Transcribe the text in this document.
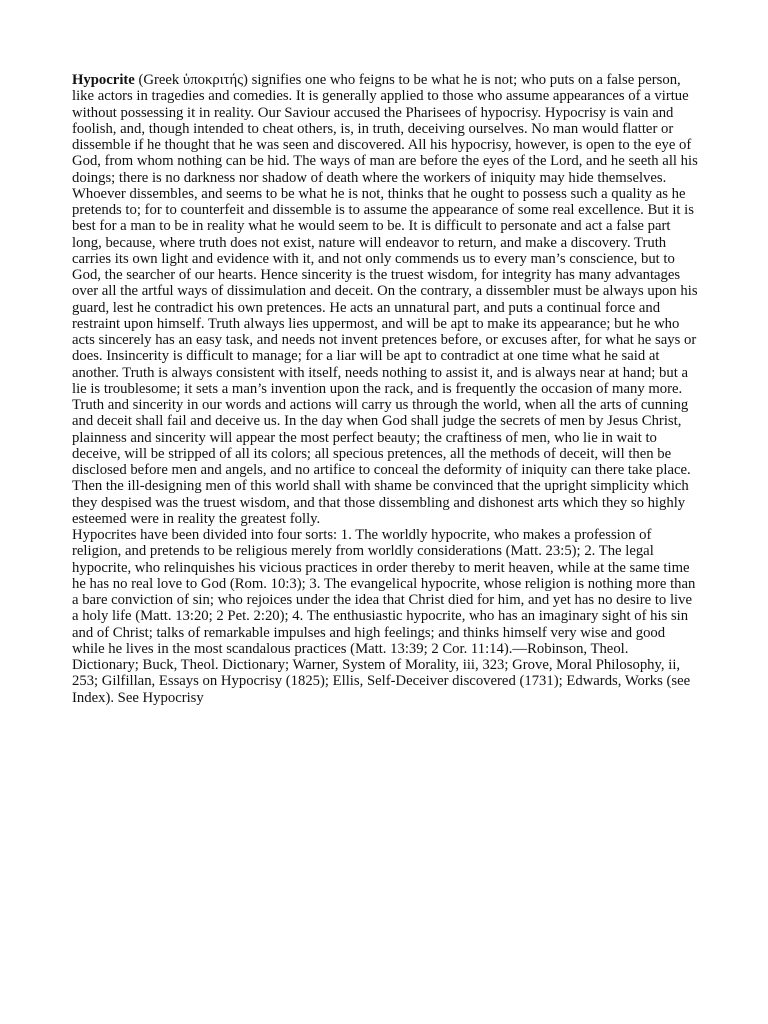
Hypocrite (Greek ὑποκριτής) signifies one who feigns to be what he is not; who puts on a false person, like actors in tragedies and comedies. It is generally applied to those who assume appearances of a virtue without possessing it in reality. Our Saviour accused the Pharisees of hypocrisy. Hypocrisy is vain and foolish, and, though intended to cheat others, is, in truth, deceiving ourselves. No man would flatter or dissemble if he thought that he was seen and discovered. All his hypocrisy, however, is open to the eye of God, from whom nothing can be hid. The ways of man are before the eyes of the Lord, and he seeth all his doings; there is no darkness nor shadow of death where the workers of iniquity may hide themselves. Whoever dissembles, and seems to be what he is not, thinks that he ought to possess such a quality as he pretends to; for to counterfeit and dissemble is to assume the appearance of some real excellence. But it is best for a man to be in reality what he would seem to be. It is difficult to personate and act a false part long, because, where truth does not exist, nature will endeavor to return, and make a discovery. Truth carries its own light and evidence with it, and not only commends us to every man’s conscience, but to God, the searcher of our hearts. Hence sincerity is the truest wisdom, for integrity has many advantages over all the artful ways of dissimulation and deceit. On the contrary, a dissembler must be always upon his guard, lest he contradict his own pretences. He acts an unnatural part, and puts a continual force and restraint upon himself. Truth always lies uppermost, and will be apt to make its appearance; but he who acts sincerely has an easy task, and needs not invent pretences before, or excuses after, for what he says or does. Insincerity is difficult to manage; for a liar will be apt to contradict at one time what he said at another. Truth is always consistent with itself, needs nothing to assist it, and is always near at hand; but a lie is troublesome; it sets a man’s invention upon the rack, and is frequently the occasion of many more. Truth and sincerity in our words and actions will carry us through the world, when all the arts of cunning and deceit shall fail and deceive us. In the day when God shall judge the secrets of men by Jesus Christ, plainness and sincerity will appear the most perfect beauty; the craftiness of men, who lie in wait to deceive, will be stripped of all its colors; all specious pretences, all the methods of deceit, will then be disclosed before men and angels, and no artifice to conceal the deformity of iniquity can there take place. Then the ill-designing men of this world shall with shame be convinced that the upright simplicity which they despised was the truest wisdom, and that those dissembling and dishonest arts which they so highly esteemed were in reality the greatest folly.

Hypocrites have been divided into four sorts: 1. The worldly hypocrite, who makes a profession of religion, and pretends to be religious merely from worldly considerations (Matt. 23:5); 2. The legal hypocrite, who relinquishes his vicious practices in order thereby to merit heaven, while at the same time he has no real love to God (Rom. 10:3); 3. The evangelical hypocrite, whose religion is nothing more than a bare conviction of sin; who rejoices under the idea that Christ died for him, and yet has no desire to live a holy life (Matt. 13:20; 2 Pet. 2:20); 4. The enthusiastic hypocrite, who has an imaginary sight of his sin and of Christ; talks of remarkable impulses and high feelings; and thinks himself very wise and good while he lives in the most scandalous practices (Matt. 13:39; 2 Cor. 11:14).—Robinson, Theol. Dictionary; Buck, Theol. Dictionary; Warner, System of Morality, iii, 323; Grove, Moral Philosophy, ii, 253; Gilfillan, Essays on Hypocrisy (1825); Ellis, Self-Deceiver discovered (1731); Edwards, Works (see Index). See Hypocrisy
